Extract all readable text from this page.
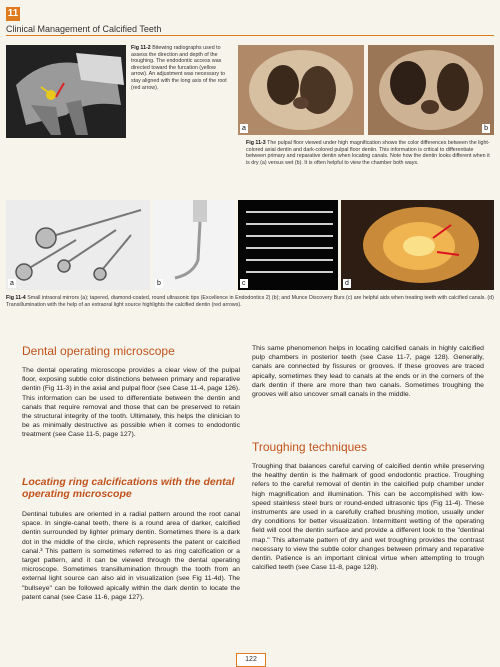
11
Clinical Management of Calcified Teeth
Fig 11-2 Bitewing radiographs used to assess the direction and depth of the troughing. The endodontic access was directed toward the furcation (yellow arrow). An adjustment was necessary to stay aligned with the long axis of the root (red arrow).
a	b
Fig 11-3 The pulpal floor viewed under high magnification shows the color differences between the light-colored axial dentin and dark-colored pulpal floor dentin. This information is critical to differentiate between primary and reparative dentin when locating canals. Note how the dentin looks different when it is dry (a) versus wet (b). It is often helpful to view the chamber both ways.
a	b	c	d
Fig 11-4 Small intraoral mirrors (a); tapered, diamond-coated, round ultrasonic tips (Excellence in Endodontics 2) (b); and Munce Discovery Burs (c) are helpful aids when treating teeth with calcified canals. (d) Transillumination with the help of an extraoral light source highlights the calcified dentin (red arrows).
Dental operating microscope

The dental operating microscope provides a clear view of the pulpal floor, exposing subtle color distinctions between primary and reparative dentin (Fig 11-3) in the axial and pulpal floor (see Case 11-4, page 126). This information can be used to differentiate between the dentin and canals that require removal and those that can be preserved to retain the structural integrity of the tooth. Ultimately, this helps the clinician to be as minimally destructive as possible when it comes to endodontic treatment (see Case 11-5, page 127).

Locating ring calcifications with the dental operating microscope

Dentinal tubules are oriented in a radial pattern around the root canal space. In single-canal teeth, there is a round area of darker, calcified dentin surrounded by lighter primary dentin. Sometimes there is a dark dot in the middle of the circle, which represents the patent or calcified canal.³ This pattern is sometimes referred to as ring calcification or a target pattern, and it can be viewed through the dental operating microscope. Sometimes transillumination through the tooth from an external light source can also aid in visualization (see Fig 11-4d). The "bullseye" can be followed apically within the dark dentin to locate the patent canal (see Case 11-6, page 127).

This same phenomenon helps in locating calcified canals in highly calcified pulp chambers in posterior teeth (see Case 11-7, page 128). Generally, canals are connected by fissures or grooves. If these grooves are traced apically, sometimes they lead to canals at the ends or in the corners of the dark dentin if there are more than two canals. Sometimes troughing the grooves will also uncover small canals in the middle.

Troughing techniques

Troughing that balances careful carving of calcified dentin while preserving the healthy dentin is the hallmark of good endodontic practice. Troughing refers to the careful removal of dentin in the calcified pulp chamber under high magnification and illumination. This can be accomplished with low-speed stainless steel burs or round-ended ultrasonic tips (Fig 11-4). These instruments are used in a carefully crafted brushing motion, usually under dry conditions for better visualization. Intermittent wetting of the operating field will cool the dentin surface and provide a different look to the "dentinal map." This alternate pattern of dry and wet troughing provides the contrast necessary to view the subtle color changes between primary and reparative dentin. Patience is an important clinical virtue when attempting to trough calcified teeth (see Case 11-8, page 128).

122
